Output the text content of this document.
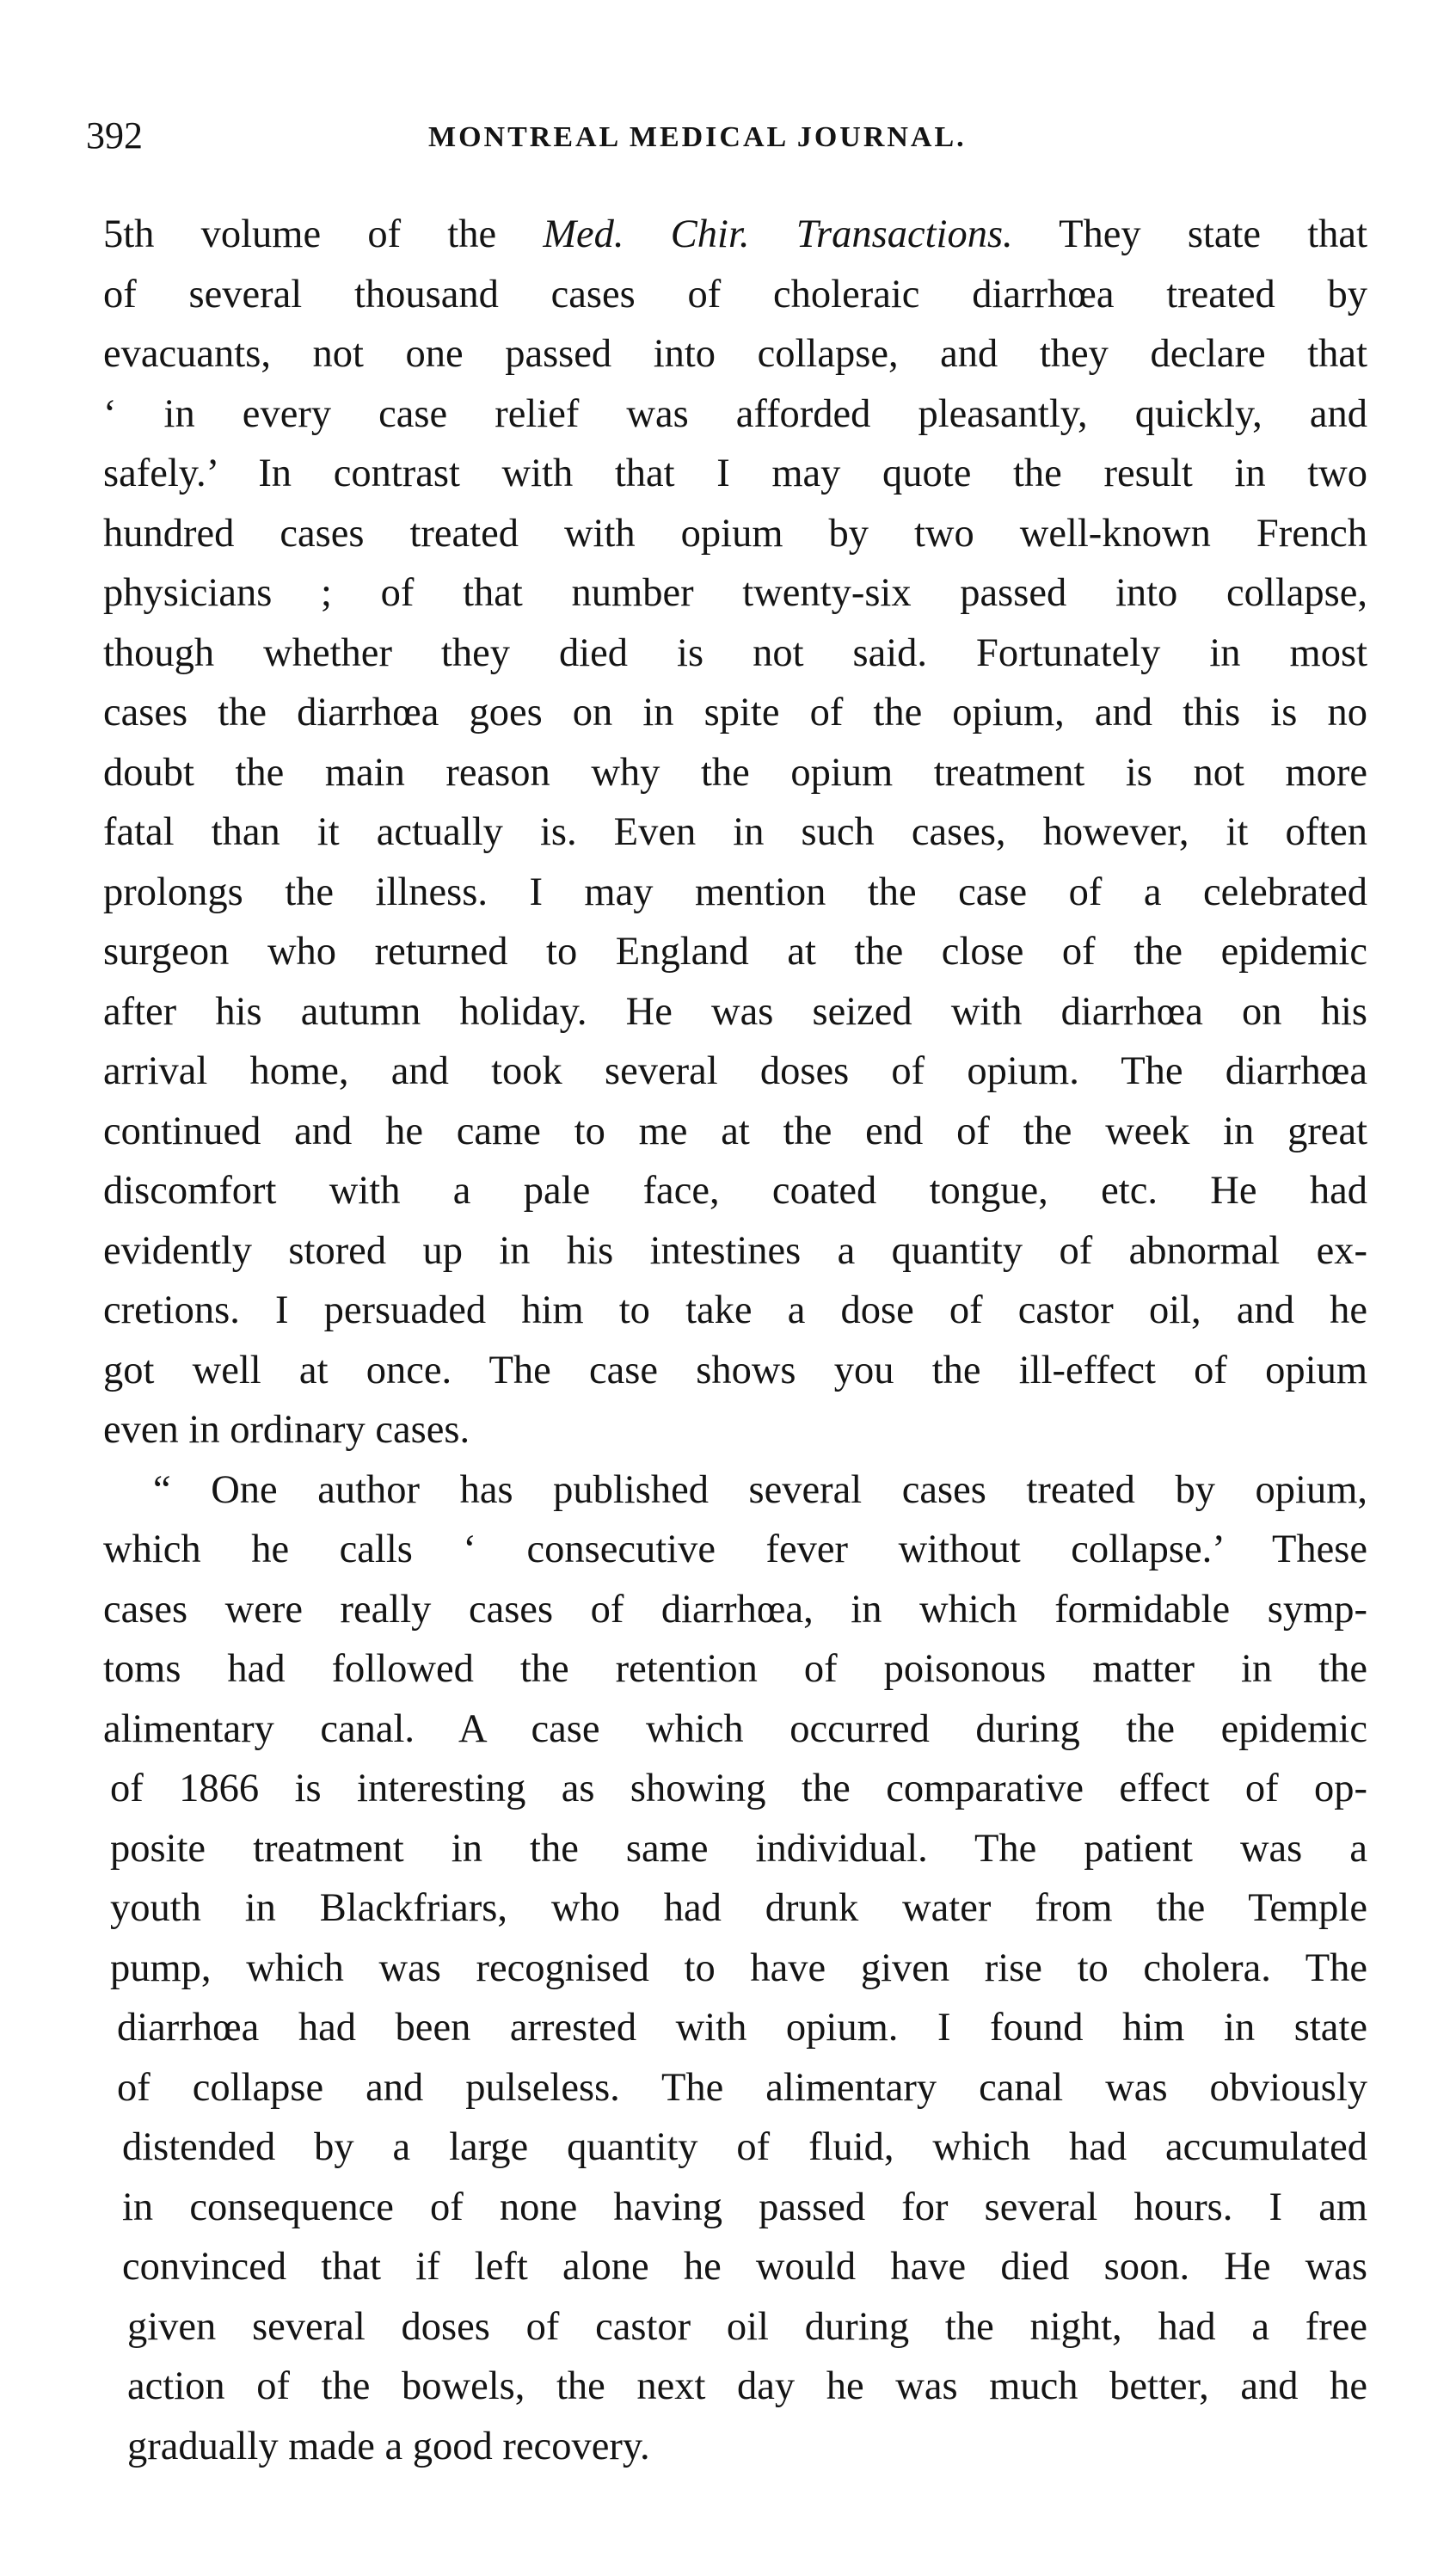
392	MONTREAL MEDICAL JOURNAL.
5th volume of the Med. Chir. Transactions. They state that
of several thousand cases of choleraic diarrhœa treated by
evacuants, not one passed into collapse, and they declare that
‘ in every case relief was afforded pleasantly, quickly, and
safely.’ In contrast with that I may quote the result in two
hundred cases treated with opium by two well-known French
physicians ; of that number twenty-six passed into collapse,
though whether they died is not said. Fortunately in most
cases the diarrhœa goes on in spite of the opium, and this is no
doubt the main reason why the opium treatment is not more
fatal than it actually is. Even in such cases, however, it often
prolongs the illness. I may mention the case of a celebrated
surgeon who returned to England at the close of the epidemic
after his autumn holiday. He was seized with diarrhœa on his
arrival home, and took several doses of opium. The diarrhœa
continued and he came to me at the end of the week in great
discomfort with a pale face, coated tongue, etc. He had
evidently stored up in his intestines a quantity of abnormal ex-
cretions. I persuaded him to take a dose of castor oil, and he
got well at once. The case shows you the ill-effect of opium
even in ordinary cases.
“ One author has published several cases treated by opium,
which he calls ‘ consecutive fever without collapse.’ These
cases were really cases of diarrhœa, in which formidable symp-
toms had followed the retention of poisonous matter in the
alimentary canal. A case which occurred during the epidemic
of 1866 is interesting as showing the comparative effect of op-
posite treatment in the same individual. The patient was a
youth in Blackfriars, who had drunk water from the Temple
pump, which was recognised to have given rise to cholera. The
diarrhœa had been arrested with opium. I found him in state
of collapse and pulseless. The alimentary canal was obviously
distended by a large quantity of fluid, which had accumulated
in consequence of none having passed for several hours. I am
convinced that if left alone he would have died soon. He was
given several doses of castor oil during the night, had a free
action of the bowels, the next day he was much better, and he
gradually made a good recovery.
